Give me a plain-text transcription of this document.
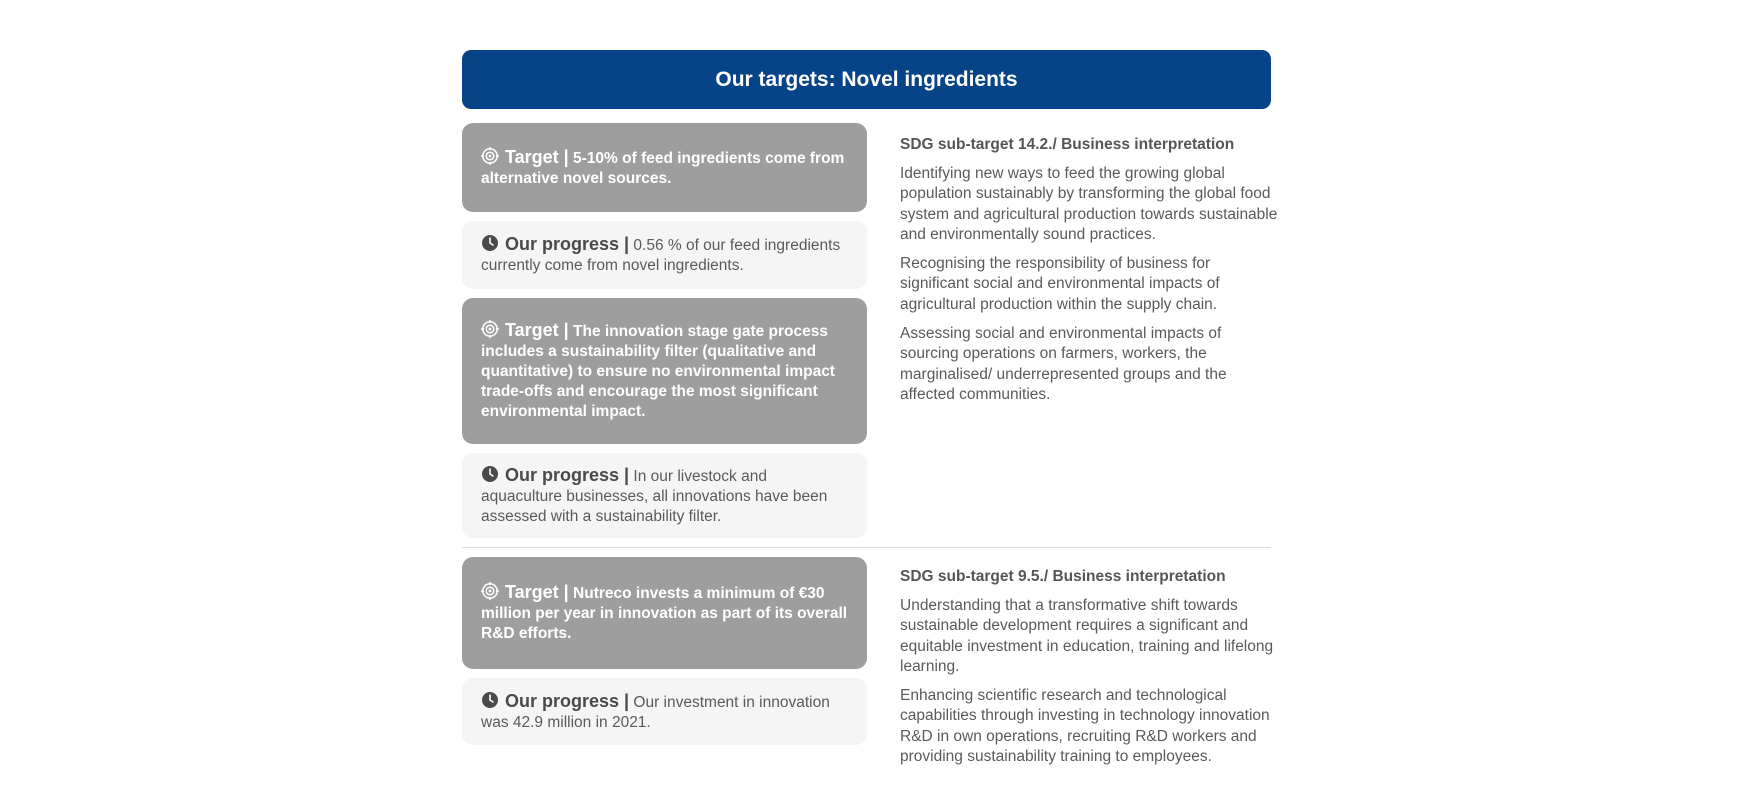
Our targets: Novel ingredients
Target | 5-10% of feed ingredients come from alternative novel sources.
Our progress | 0.56 % of our feed ingredients currently come from novel ingredients.
Target | The innovation stage gate process includes a sustainability filter (qualitative and quantitative) to ensure no environmental impact trade-offs and encourage the most significant environmental impact.
Our progress | In our livestock and aquaculture businesses, all innovations have been assessed with a sustainability filter.
SDG sub-target 14.2./ Business interpretation

Identifying new ways to feed the growing global population sustainably by transforming the global food system and agricultural production towards sustainable and environmentally sound practices.

Recognising the responsibility of business for significant social and environmental impacts of agricultural production within the supply chain.

Assessing social and environmental impacts of sourcing operations on farmers, workers, the marginalised/ underrepresented groups and the affected communities.

Target | Nutreco invests a minimum of €30 million per year in innovation as part of its overall R&D efforts.
Our progress | Our investment in innovation was 42.9 million in 2021.
SDG sub-target 9.5./ Business interpretation

Understanding that a transformative shift towards sustainable development requires a significant and equitable investment in education, training and lifelong learning.

Enhancing scientific research and technological capabilities through investing in technology innovation R&D in own operations, recruiting R&D workers and providing sustainability training to employees.
